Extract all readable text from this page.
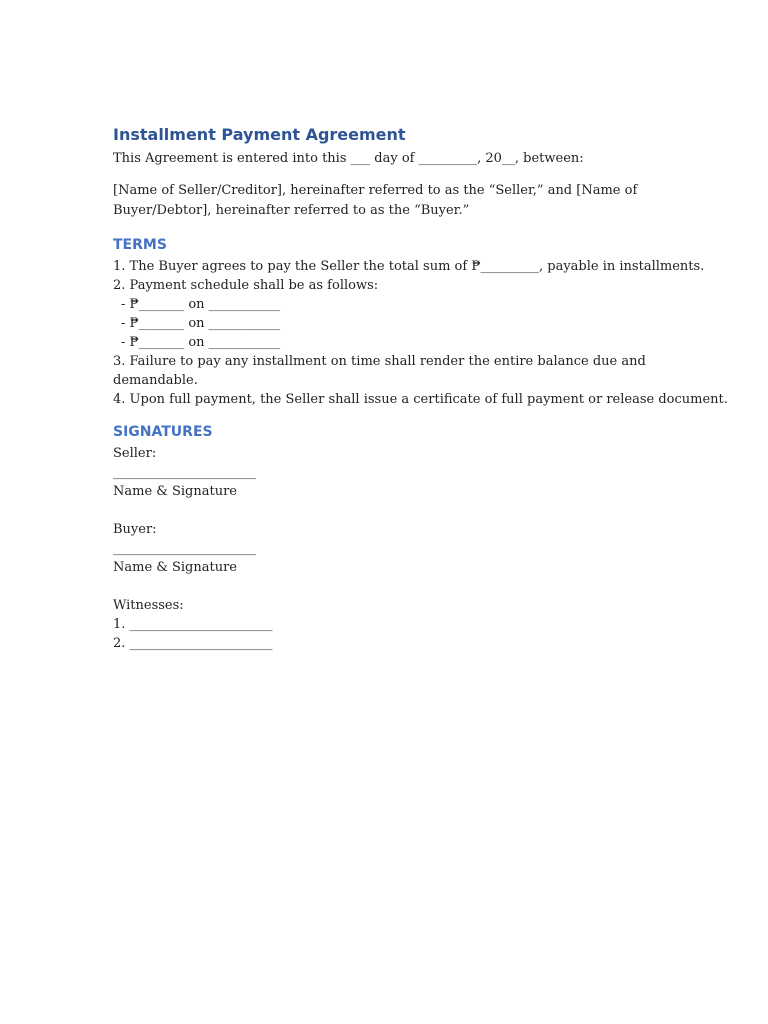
Installment Payment Agreement

This Agreement is entered into this ___ day of _________, 20__, between:

[Name of Seller/Creditor], hereinafter referred to as the “Seller,” and [Name of

Buyer/Debtor], hereinafter referred to as the “Buyer.”

TERMS

1. The Buyer agrees to pay the Seller the total sum of ₱_________, payable in installments.

2. Payment schedule shall be as follows:

- ₱_______ on ___________

- ₱_______ on ___________

- ₱_______ on ___________

3. Failure to pay any installment on time shall render the entire balance due and

demandable.

4. Upon full payment, the Seller shall issue a certificate of full payment or release document.

SIGNATURES

Seller:

______________________

Name & Signature

Buyer:

______________________

Name & Signature

Witnesses:

1. ______________________

2. ______________________
